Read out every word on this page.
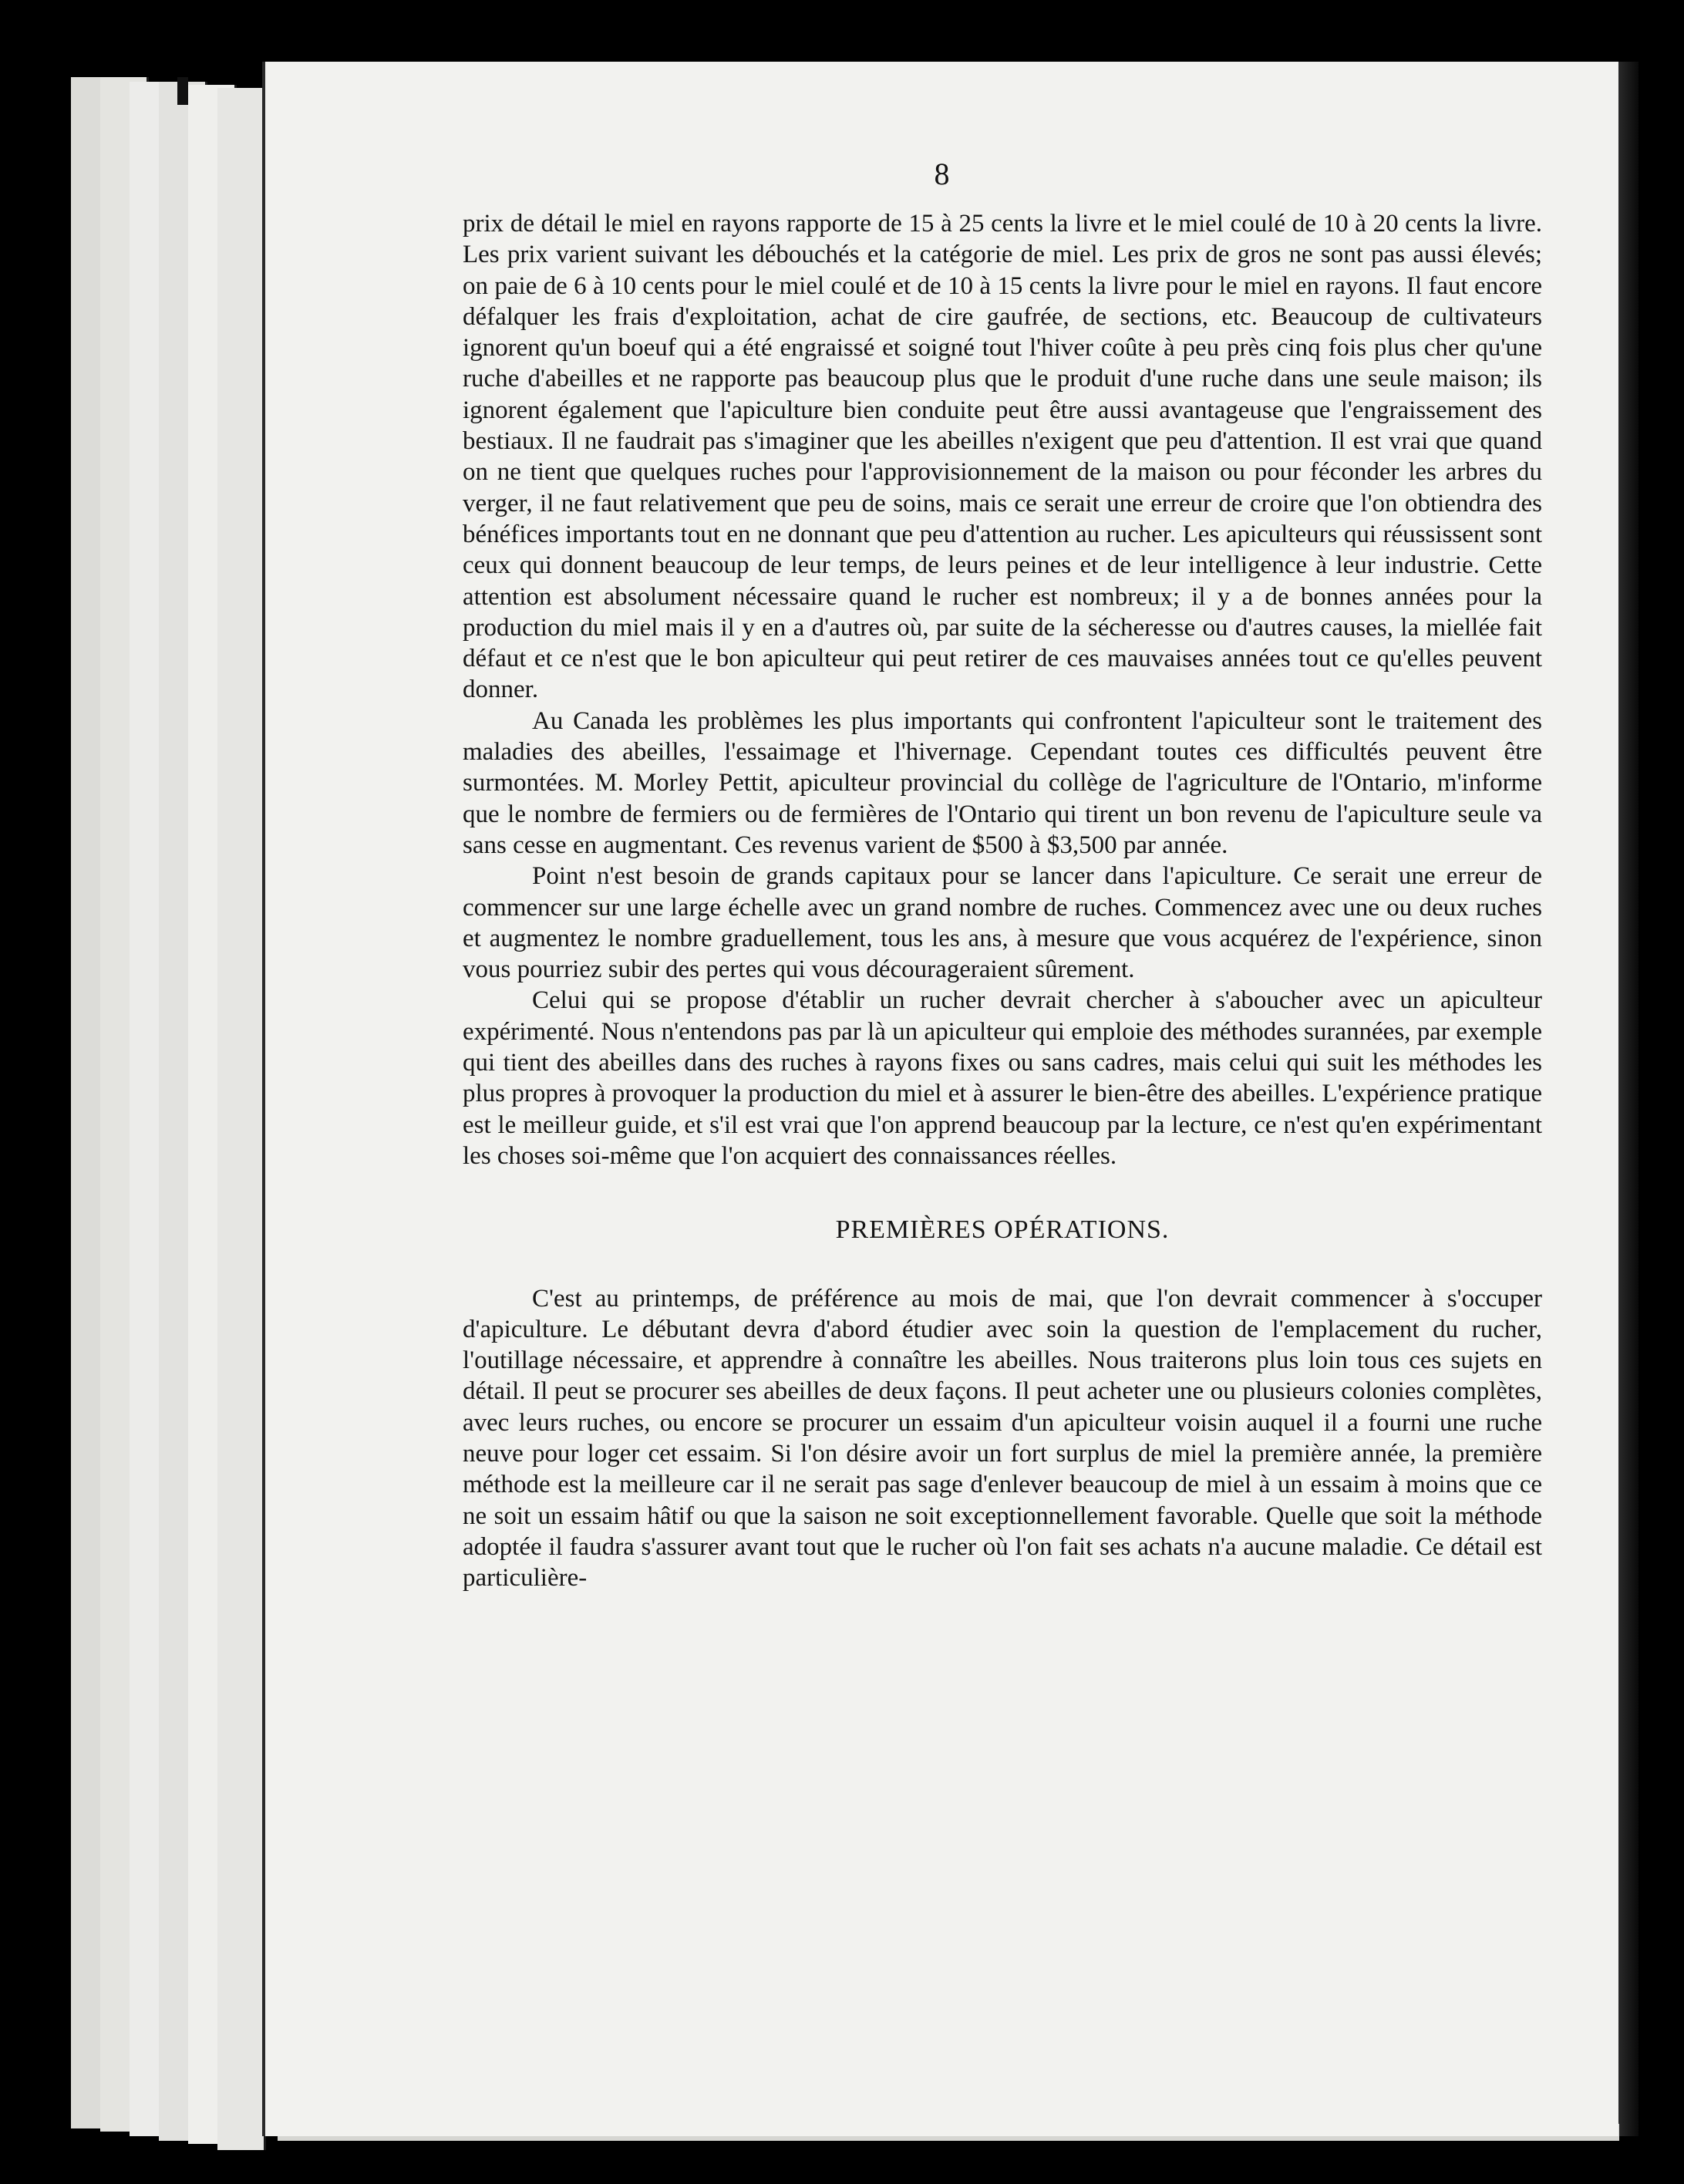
8

prix de détail le miel en rayons rapporte de 15 à 25 cents la livre et le miel coulé de 10 à 20 cents la livre. Les prix varient suivant les débouchés et la catégorie de miel. Les prix de gros ne sont pas aussi élevés; on paie de 6 à 10 cents pour le miel coulé et de 10 à 15 cents la livre pour le miel en rayons. Il faut encore défalquer les frais d'exploitation, achat de cire gaufrée, de sections, etc. Beaucoup de cultivateurs ignorent qu'un boeuf qui a été engraissé et soigné tout l'hiver coûte à peu près cinq fois plus cher qu'une ruche d'abeilles et ne rapporte pas beaucoup plus que le produit d'une ruche dans une seule maison; ils ignorent également que l'apiculture bien conduite peut être aussi avantageuse que l'engraissement des bestiaux. Il ne faudrait pas s'imaginer que les abeilles n'exigent que peu d'attention. Il est vrai que quand on ne tient que quelques ruches pour l'approvisionnement de la maison ou pour féconder les arbres du verger, il ne faut relativement que peu de soins, mais ce serait une erreur de croire que l'on obtiendra des bénéfices importants tout en ne donnant que peu d'attention au rucher. Les apiculteurs qui réussissent sont ceux qui donnent beaucoup de leur temps, de leurs peines et de leur intelligence à leur industrie. Cette attention est absolument nécessaire quand le rucher est nombreux; il y a de bonnes années pour la production du miel mais il y en a d'autres où, par suite de la sécheresse ou d'autres causes, la miellée fait défaut et ce n'est que le bon apiculteur qui peut retirer de ces mauvaises années tout ce qu'elles peuvent donner.

Au Canada les problèmes les plus importants qui confrontent l'apiculteur sont le traitement des maladies des abeilles, l'essaimage et l'hivernage. Cependant toutes ces difficultés peuvent être surmontées. M. Morley Pettit, apiculteur provincial du collège de l'agriculture de l'Ontario, m'informe que le nombre de fermiers ou de fermières de l'Ontario qui tirent un bon revenu de l'apiculture seule va sans cesse en augmentant. Ces revenus varient de $500 à $3,500 par année.

Point n'est besoin de grands capitaux pour se lancer dans l'apiculture. Ce serait une erreur de commencer sur une large échelle avec un grand nombre de ruches. Commencez avec une ou deux ruches et augmentez le nombre graduellement, tous les ans, à mesure que vous acquérez de l'expérience, sinon vous pourriez subir des pertes qui vous décourageraient sûrement.

Celui qui se propose d'établir un rucher devrait chercher à s'aboucher avec un apiculteur expérimenté. Nous n'entendons pas par là un apiculteur qui emploie des méthodes surannées, par exemple qui tient des abeilles dans des ruches à rayons fixes ou sans cadres, mais celui qui suit les méthodes les plus propres à provoquer la production du miel et à assurer le bien-être des abeilles. L'expérience pratique est le meilleur guide, et s'il est vrai que l'on apprend beaucoup par la lecture, ce n'est qu'en expérimentant les choses soi-même que l'on acquiert des connaissances réelles.

PREMIÈRES OPÉRATIONS.

C'est au printemps, de préférence au mois de mai, que l'on devrait commencer à s'occuper d'apiculture. Le débutant devra d'abord étudier avec soin la question de l'emplacement du rucher, l'outillage nécessaire, et apprendre à connaître les abeilles. Nous traiterons plus loin tous ces sujets en détail. Il peut se procurer ses abeilles de deux façons. Il peut acheter une ou plusieurs colonies complètes, avec leurs ruches, ou encore se procurer un essaim d'un apiculteur voisin auquel il a fourni une ruche neuve pour loger cet essaim. Si l'on désire avoir un fort surplus de miel la première année, la première méthode est la meilleure car il ne serait pas sage d'enlever beaucoup de miel à un essaim à moins que ce ne soit un essaim hâtif ou que la saison ne soit exceptionnellement favorable. Quelle que soit la méthode adoptée il faudra s'assurer avant tout que le rucher où l'on fait ses achats n'a aucune maladie. Ce détail est particulière-
